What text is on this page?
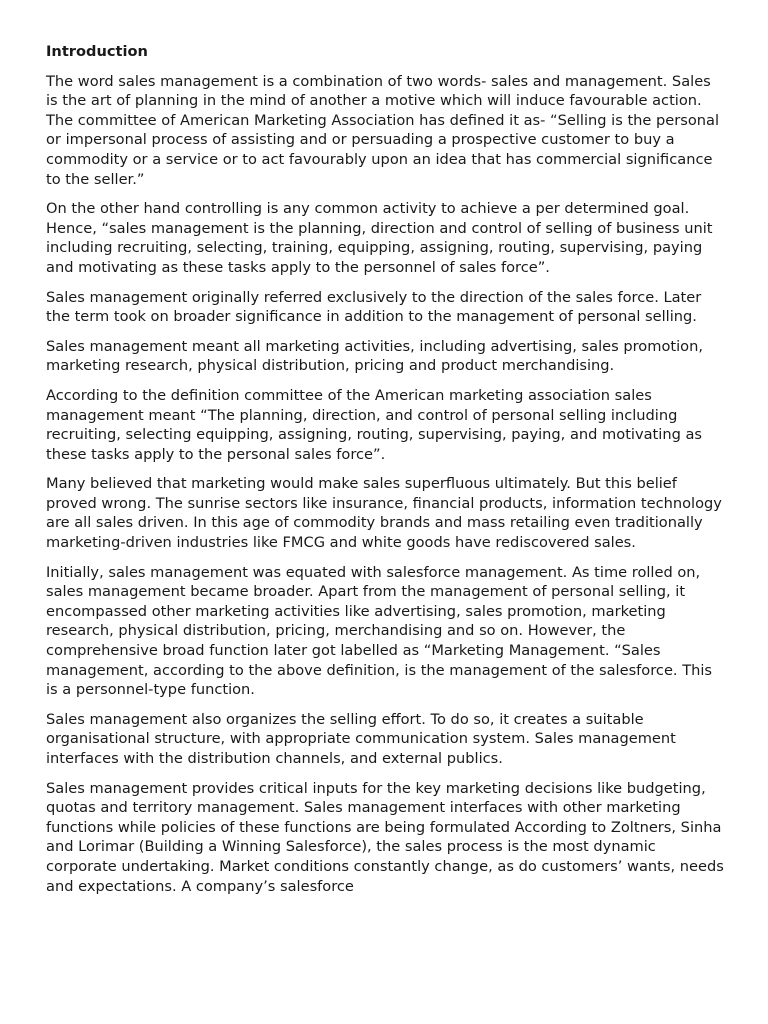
Introduction

The word sales management is a combination of two words- sales and management. Sales is the art of planning in the mind of another a motive which will induce favourable action. The committee of American Marketing Association has defined it as- “Selling is the personal or impersonal process of assisting and or persuading a prospective customer to buy a commodity or a service or to act favourably upon an idea that has commercial significance to the seller.”

On the other hand controlling is any common activity to achieve a per determined goal. Hence, “sales management is the planning, direction and control of selling of business unit including recruiting, selecting, training, equipping, assigning, routing, supervising, paying and motivating as these tasks apply to the personnel of sales force”.

Sales management originally referred exclusively to the direction of the sales force. Later the term took on broader significance in addition to the management of personal selling.

Sales management meant all marketing activities, including advertising, sales promotion, marketing research, physical distribution, pricing and product merchandising.

According to the definition committee of the American marketing association sales management meant “The planning, direction, and control of personal selling including recruiting, selecting equipping, assigning, routing, supervising, paying, and motivating as these tasks apply to the personal sales force”.

Many believed that marketing would make sales superfluous ultimately. But this belief proved wrong. The sunrise sectors like insurance, financial products, information technology are all sales driven. In this age of commodity brands and mass retailing even traditionally marketing-driven industries like FMCG and white goods have rediscovered sales.

Initially, sales management was equated with salesforce management. As time rolled on, sales management became broader. Apart from the management of personal selling, it encompassed other marketing activities like advertising, sales promotion, marketing research, physical distribution, pricing, merchandising and so on. However, the comprehensive broad function later got labelled as “Marketing Management. “Sales management, according to the above definition, is the management of the salesforce. This is a personnel-type function.

Sales management also organizes the selling effort. To do so, it creates a suitable organisational structure, with appropriate communication system. Sales management interfaces with the distribution channels, and external publics.

Sales management provides critical inputs for the key marketing decisions like budgeting, quotas and territory management. Sales management interfaces with other marketing functions while policies of these functions are being formulated According to Zoltners, Sinha and Lorimar (Building a Winning Salesforce), the sales process is the most dynamic corporate undertaking. Market conditions constantly change, as do customers’ wants, needs and expectations. A company’s salesforce
